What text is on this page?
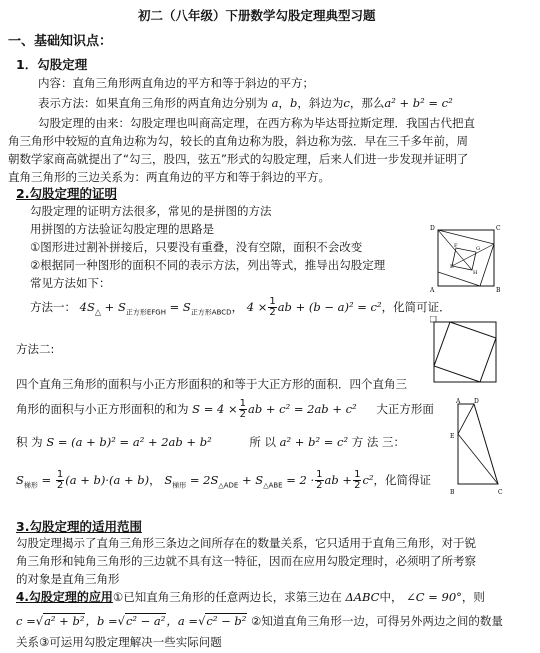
初二（八年级）下册数学勾股定理典型习题
一、基础知识点：
1．勾股定理
内容：直角三角形两直角边的平方和等于斜边的平方；
表示方法：如果直角三角形的两直角边分别为 a，b，斜边为c，那么a² + b² = c²
勾股定理的由来：勾股定理也叫商高定理，在西方称为毕达哥拉斯定理．我国古代把直
角三角形中较短的直角边称为勾，较长的直角边称为股，斜边称为弦．早在三千多年前，周
朝数学家商高就提出了“勾三，股四，弦五”形式的勾股定理，后来人们进一步发现并证明了
直角三角形的三边关系为：两直角边的平方和等于斜边的平方。
2.勾股定理的证明
勾股定理的证明方法很多，常见的是拼图的方法
用拼图的方法验证勾股定理的思路是
①图形进过割补拼接后，只要没有重叠，没有空隙，面积不会改变
②根据同一种图形的面积不同的表示方法，列出等式，推导出勾股定理
常见方法如下：
方法一： $4S_\triangle + S_{正方形EFGH} = S_{正方形ABCD}$， $4 \times \frac{1}{2}$ ab + (b − a)² = c²，化简可证．
方法二:
四个直角三角形的面积与小正方形面积的和等于大正方形的面积．四个直角三
角形的面积与小正方形面积的和为 $S = 4 \times \frac{1}{2}$ ab + c² = 2ab + c² 大正方形面
积 为 S = (a + b)² = a² + 2ab + b²	所 以 a² + b² = c² 方 法 三：
$S_{梯形} = \frac{1}{2} (a + b)\cdot(a + b)$， $S_{梯形} = 2S_{\triangle ADE} + S_{\triangle ABE} = 2 \cdot \frac{1}{2}$ ab + $\frac{1}{2} c^2$，化简得证
D	C
A	B
E
F	G
H
A D
B
E
C
3.勾股定理的适用范围
勾股定理揭示了直角三角形三条边之间所存在的数量关系，它只适用于直角三角形，对于锐
角三角形和钝角三角形的三边就不具有这一特征，因而在应用勾股定理时，必须明了所考察
的对象是直角三角形
4.勾股定理的应用①已知直角三角形的任意两边长，求第三边在 ΔABC中， ∠C = 90°，则
c =√a² + b²，b =√c² − a²，a =√c² − b² ②知道直角三角形一边，可得另外两边之间的数量
关系③可运用勾股定理解决一些实际问题
